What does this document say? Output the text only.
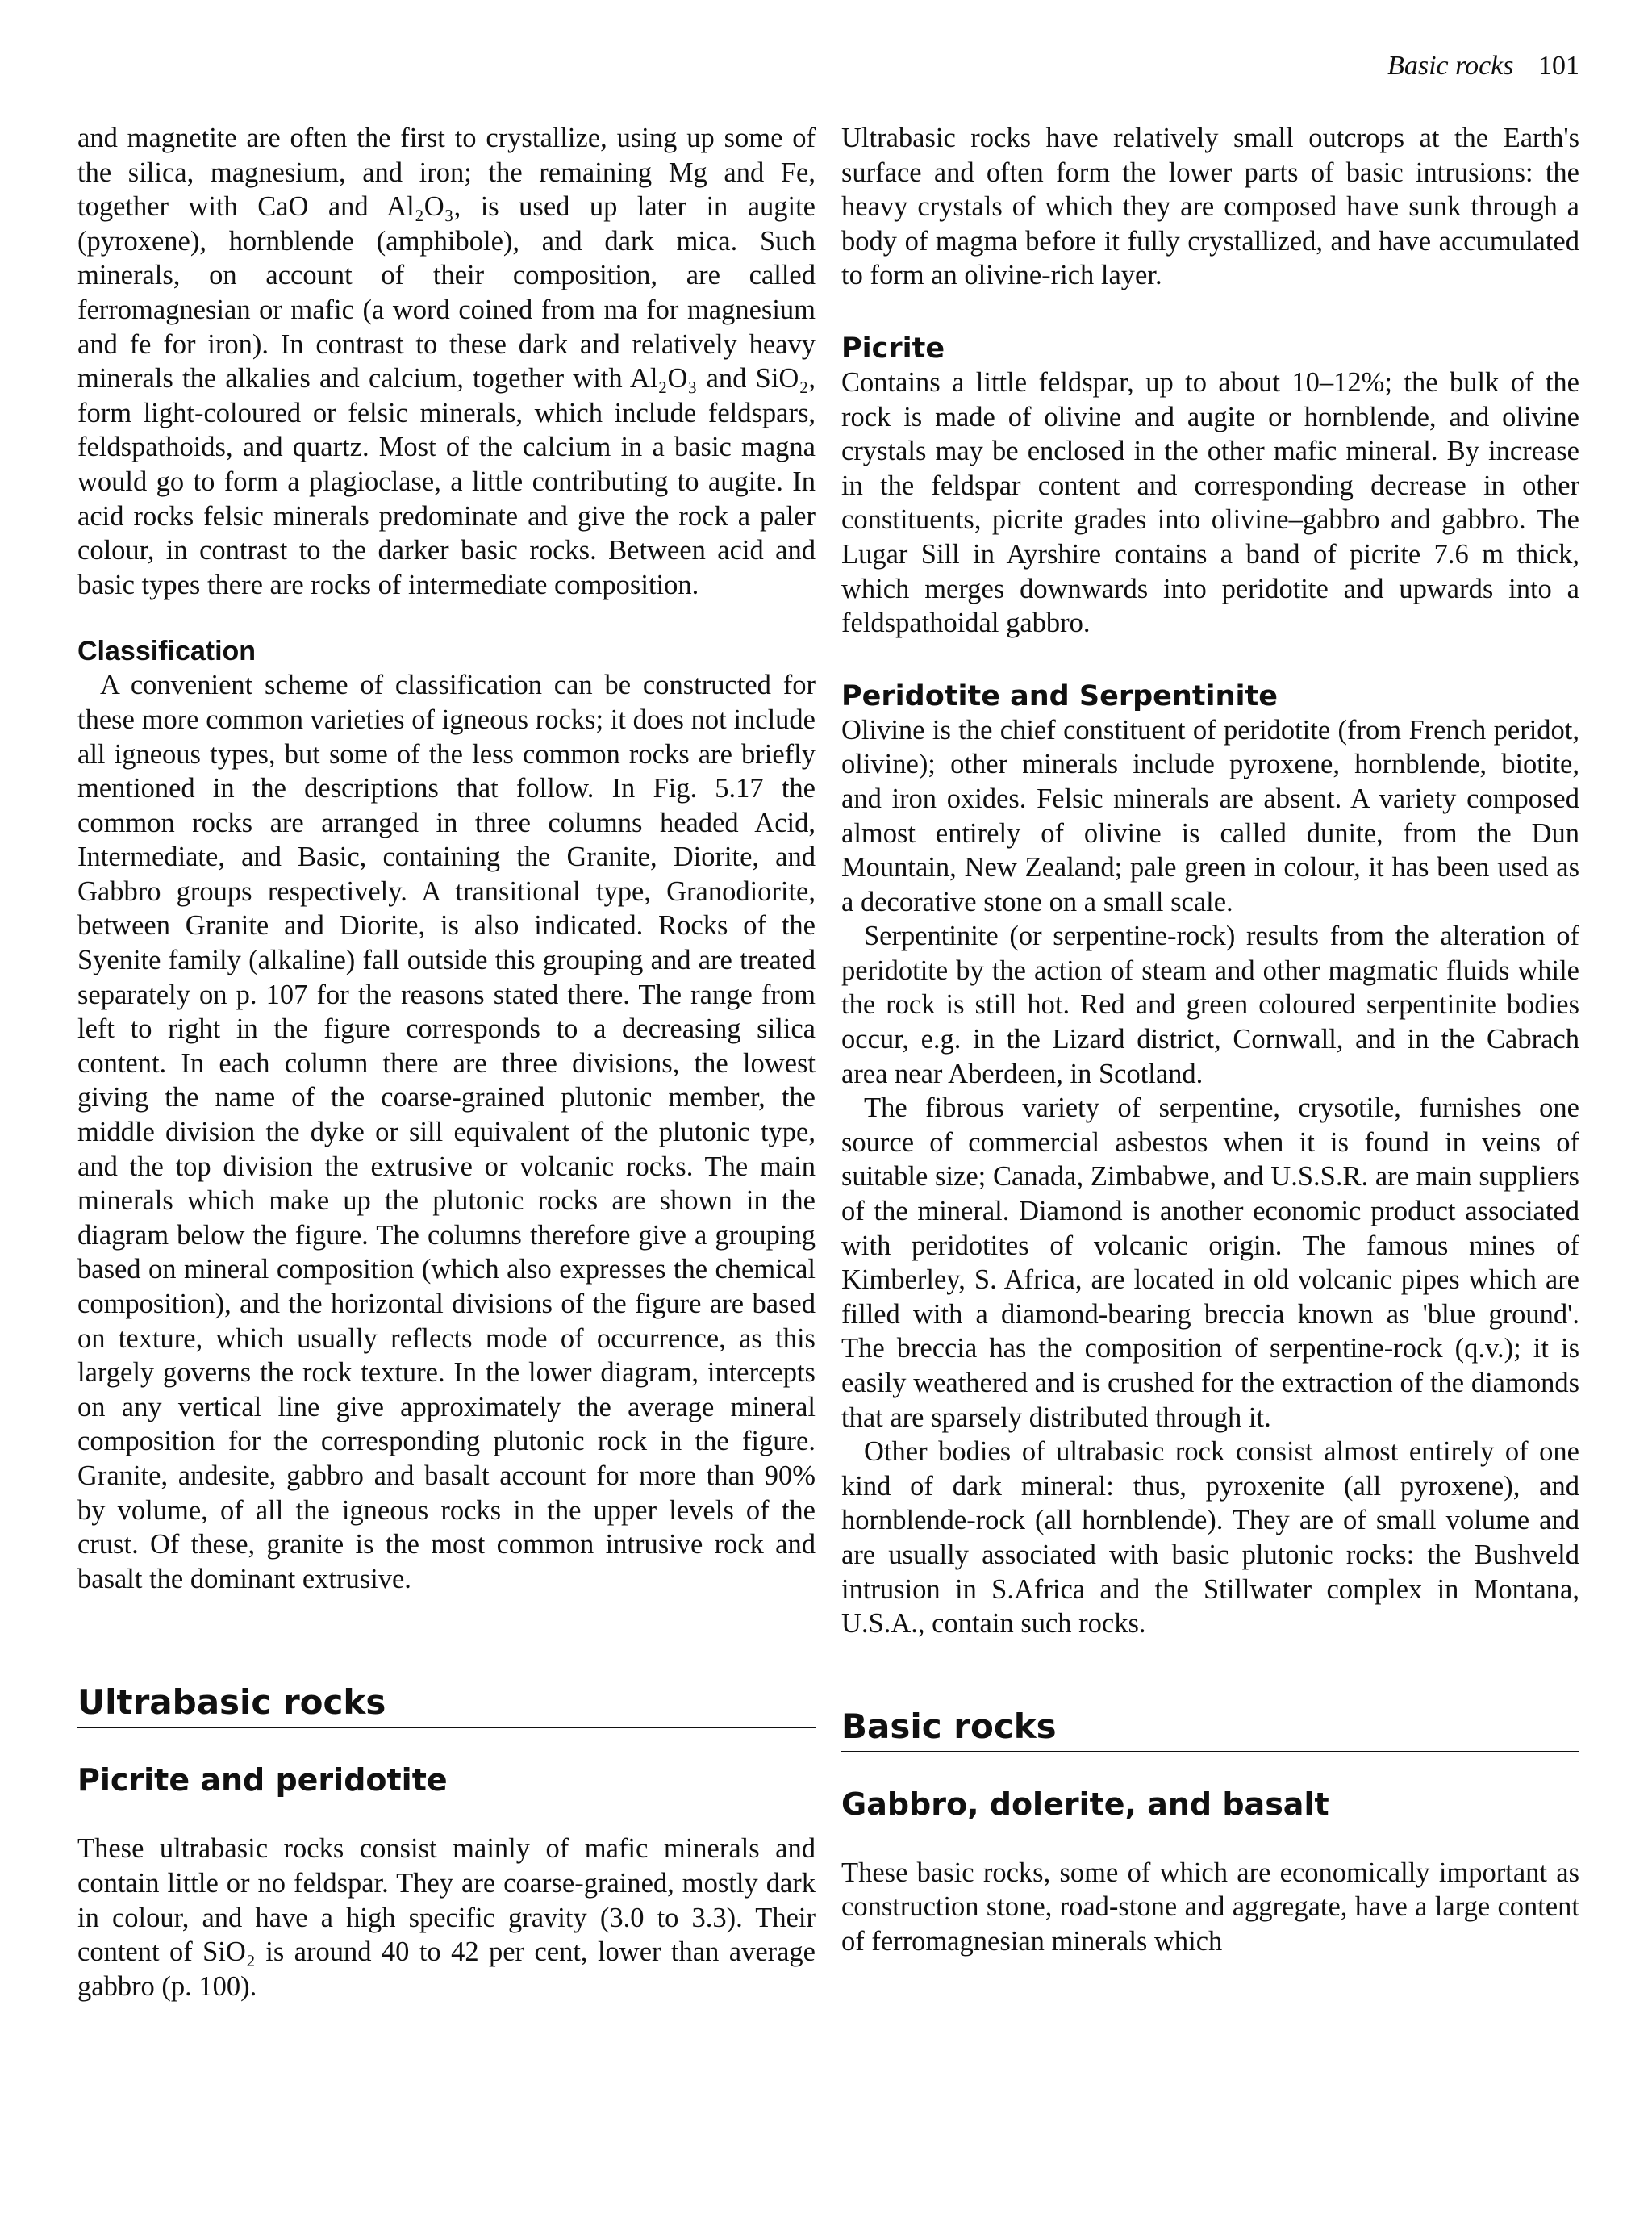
Basic rocks 101

and magnetite are often the first to crystallize, using up some of the silica, magnesium, and iron; the remaining Mg and Fe, together with CaO and Al₂O₃, is used up later in augite (pyroxene), hornblende (amphibole), and dark mica. Such minerals, on account of their composition, are called ferromagnesian or mafic (a word coined from ma for magnesium and fe for iron). In contrast to these dark and relatively heavy minerals the alkalies and calcium, together with Al₂O₃ and SiO₂, form light-coloured or felsic minerals, which include feldspars, feldspathoids, and quartz. Most of the calcium in a basic magna would go to form a plagioclase, a little contributing to augite. In acid rocks felsic minerals predominate and give the rock a paler colour, in contrast to the darker basic rocks. Between acid and basic types there are rocks of intermediate composition.

Classification

A convenient scheme of classification can be constructed for these more common varieties of igneous rocks; it does not include all igneous types, but some of the less common rocks are briefly mentioned in the descriptions that follow. In Fig. 5.17 the common rocks are arranged in three columns headed Acid, Intermediate, and Basic, containing the Granite, Diorite, and Gabbro groups respectively. A transitional type, Granodiorite, between Granite and Diorite, is also indicated. Rocks of the Syenite family (alkaline) fall outside this grouping and are treated separately on p. 107 for the reasons stated there. The range from left to right in the figure corresponds to a decreasing silica content. In each column there are three divisions, the lowest giving the name of the coarse-grained plutonic member, the middle division the dyke or sill equivalent of the plutonic type, and the top division the extrusive or volcanic rocks. The main minerals which make up the plutonic rocks are shown in the diagram below the figure. The columns therefore give a grouping based on mineral composition (which also expresses the chemical composition), and the horizontal divisions of the figure are based on texture, which usually reflects mode of occurrence, as this largely governs the rock texture. In the lower diagram, intercepts on any vertical line give approximately the average mineral composition for the corresponding plutonic rock in the figure. Granite, andesite, gabbro and basalt account for more than 90% by volume, of all the igneous rocks in the upper levels of the crust. Of these, granite is the most common intrusive rock and basalt the dominant extrusive.

Ultrabasic rocks
Picrite and peridotite

These ultrabasic rocks consist mainly of mafic minerals and contain little or no feldspar. They are coarse-grained, mostly dark in colour, and have a high specific gravity (3.0 to 3.3). Their content of SiO₂ is around 40 to 42 per cent, lower than average gabbro (p. 100).

Ultrabasic rocks have relatively small outcrops at the Earth's surface and often form the lower parts of basic intrusions: the heavy crystals of which they are composed have sunk through a body of magma before it fully crystallized, and have accumulated to form an olivine-rich layer.

Picrite

Contains a little feldspar, up to about 10–12%; the bulk of the rock is made of olivine and augite or hornblende, and olivine crystals may be enclosed in the other mafic mineral. By increase in the feldspar content and corresponding decrease in other constituents, picrite grades into olivine–gabbro and gabbro. The Lugar Sill in Ayrshire contains a band of picrite 7.6 m thick, which merges downwards into peridotite and upwards into a feldspathoidal gabbro.

Peridotite and Serpentinite

Olivine is the chief constituent of peridotite (from French peridot, olivine); other minerals include pyroxene, hornblende, biotite, and iron oxides. Felsic minerals are absent. A variety composed almost entirely of olivine is called dunite, from the Dun Mountain, New Zealand; pale green in colour, it has been used as a decorative stone on a small scale.

Serpentinite (or serpentine-rock) results from the alteration of peridotite by the action of steam and other magmatic fluids while the rock is still hot. Red and green coloured serpentinite bodies occur, e.g. in the Lizard district, Cornwall, and in the Cabrach area near Aberdeen, in Scotland.

The fibrous variety of serpentine, crysotile, furnishes one source of commercial asbestos when it is found in veins of suitable size; Canada, Zimbabwe, and U.S.S.R. are main suppliers of the mineral. Diamond is another economic product associated with peridotites of volcanic origin. The famous mines of Kimberley, S. Africa, are located in old volcanic pipes which are filled with a diamond-bearing breccia known as 'blue ground'. The breccia has the composition of serpentine-rock (q.v.); it is easily weathered and is crushed for the extraction of the diamonds that are sparsely distributed through it.

Other bodies of ultrabasic rock consist almost entirely of one kind of dark mineral: thus, pyroxenite (all pyroxene), and hornblende-rock (all hornblende). They are of small volume and are usually associated with basic plutonic rocks: the Bushveld intrusion in S.Africa and the Stillwater complex in Montana, U.S.A., contain such rocks.

Basic rocks
Gabbro, dolerite, and basalt

These basic rocks, some of which are economically important as construction stone, road-stone and aggregate, have a large content of ferromagnesian minerals which
